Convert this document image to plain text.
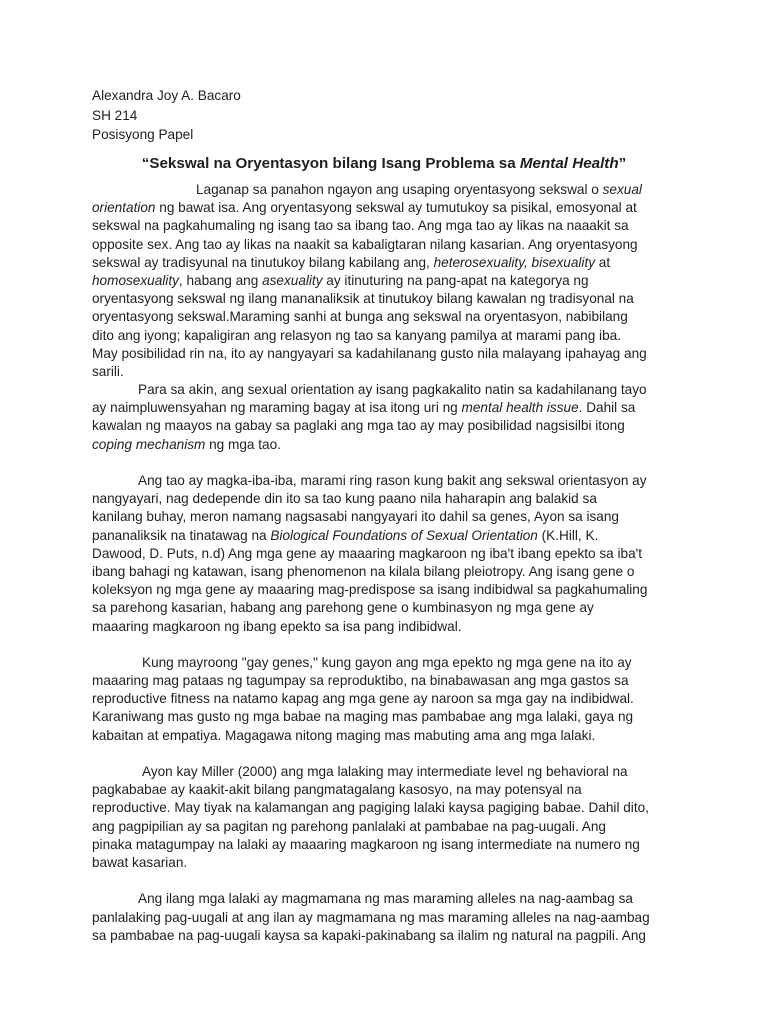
Alexandra Joy A. Bacaro
SH 214
Posisyong Papel
“Sekswal na Oryentasyon bilang Isang Problema sa Mental Health”
Laganap sa panahon ngayon ang usaping oryentasyong sekswal o sexual
orientation ng bawat isa. Ang oryentasyong sekswal ay tumutukoy sa pisikal, emosyonal at
sekswal na pagkahumaling ng isang tao sa ibang tao. Ang mga tao ay likas na naaakit sa
opposite sex. Ang tao ay likas na naakit sa kabaligtaran nilang kasarian. Ang oryentasyong
sekswal ay tradisyunal na tinutukoy bilang kabilang ang, heterosexuality, bisexuality at
homosexuality, habang ang asexuality ay itinuturing na pang-apat na kategorya ng
oryentasyong sekswal ng ilang mananaliksik at tinutukoy bilang kawalan ng tradisyonal na
oryentasyong sekswal.Maraming sanhi at bunga ang sekswal na oryentasyon, nabibilang
dito ang iyong; kapaligiran ang relasyon ng tao sa kanyang pamilya at marami pang iba.
May posibilidad rin na, ito ay nangyayari sa kadahilanang gusto nila malayang ipahayag ang
sarili.
Para sa akin, ang sexual orientation ay isang pagkakalito natin sa kadahilanang tayo
ay naimpluwensyahan ng maraming bagay at isa itong uri ng mental health issue. Dahil sa
kawalan ng maayos na gabay sa paglaki ang mga tao ay may posibilidad nagsisilbi itong
coping mechanism ng mga tao.
Ang tao ay magka-iba-iba, marami ring rason kung bakit ang sekswal orientasyon ay
nangyayari, nag dedepende din ito sa tao kung paano nila haharapin ang balakid sa
kanilang buhay, meron namang nagsasabi nangyayari ito dahil sa genes, Ayon sa isang
pananaliksik na tinatawag na Biological Foundations of Sexual Orientation (K.Hill, K.
Dawood, D. Puts, n.d) Ang mga gene ay maaaring magkaroon ng iba't ibang epekto sa iba't
ibang bahagi ng katawan, isang phenomenon na kilala bilang pleiotropy. Ang isang gene o
koleksyon ng mga gene ay maaaring mag-predispose sa isang indibidwal sa pagkahumaling
sa parehong kasarian, habang ang parehong gene o kumbinasyon ng mga gene ay
maaaring magkaroon ng ibang epekto sa isa pang indibidwal.
Kung mayroong "gay genes," kung gayon ang mga epekto ng mga gene na ito ay
maaaring mag pataas ng tagumpay sa reproduktibo, na binabawasan ang mga gastos sa
reproductive fitness na natamo kapag ang mga gene ay naroon sa mga gay na indibidwal.
Karaniwang mas gusto ng mga babae na maging mas pambabae ang mga lalaki, gaya ng
kabaitan at empatiya. Magagawa nitong maging mas mabuting ama ang mga lalaki.
Ayon kay Miller (2000) ang mga lalaking may intermediate level ng behavioral na
pagkababae ay kaakit-akit bilang pangmatagalang kasosyo, na may potensyal na
reproductive. May tiyak na kalamangan ang pagiging lalaki kaysa pagiging babae. Dahil dito,
ang pagpipilian ay sa pagitan ng parehong panlalaki at pambabae na pag-uugali. Ang
pinaka matagumpay na lalaki ay maaaring magkaroon ng isang intermediate na numero ng
bawat kasarian.
Ang ilang mga lalaki ay magmamana ng mas maraming alleles na nag-aambag sa
panlalaking pag-uugali at ang ilan ay magmamana ng mas maraming alleles na nag-aambag
sa pambabae na pag-uugali kaysa sa kapaki-pakinabang sa ilalim ng natural na pagpili. Ang
